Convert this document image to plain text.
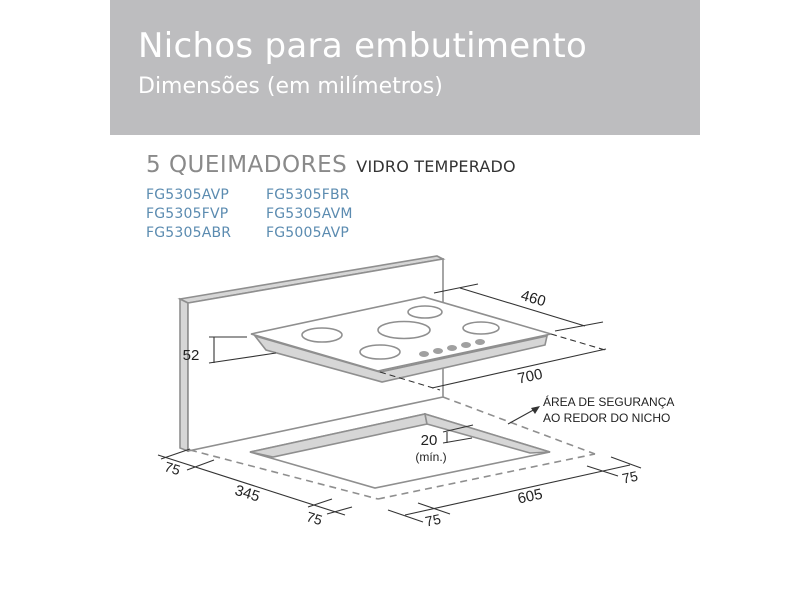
Nichos para embutimento
Dimensões (em milímetros)
5 QUEIMADORES VIDRO TEMPERADO
FG5305AVP	FG5305FBR
FG5305FVP	FG5305AVM
FG5305ABR	FG5005AVP
52
460
700
20
(mín.)
75
345
75	75
605
75
ÁREA DE SEGURANÇA
AO REDOR DO NICHO
